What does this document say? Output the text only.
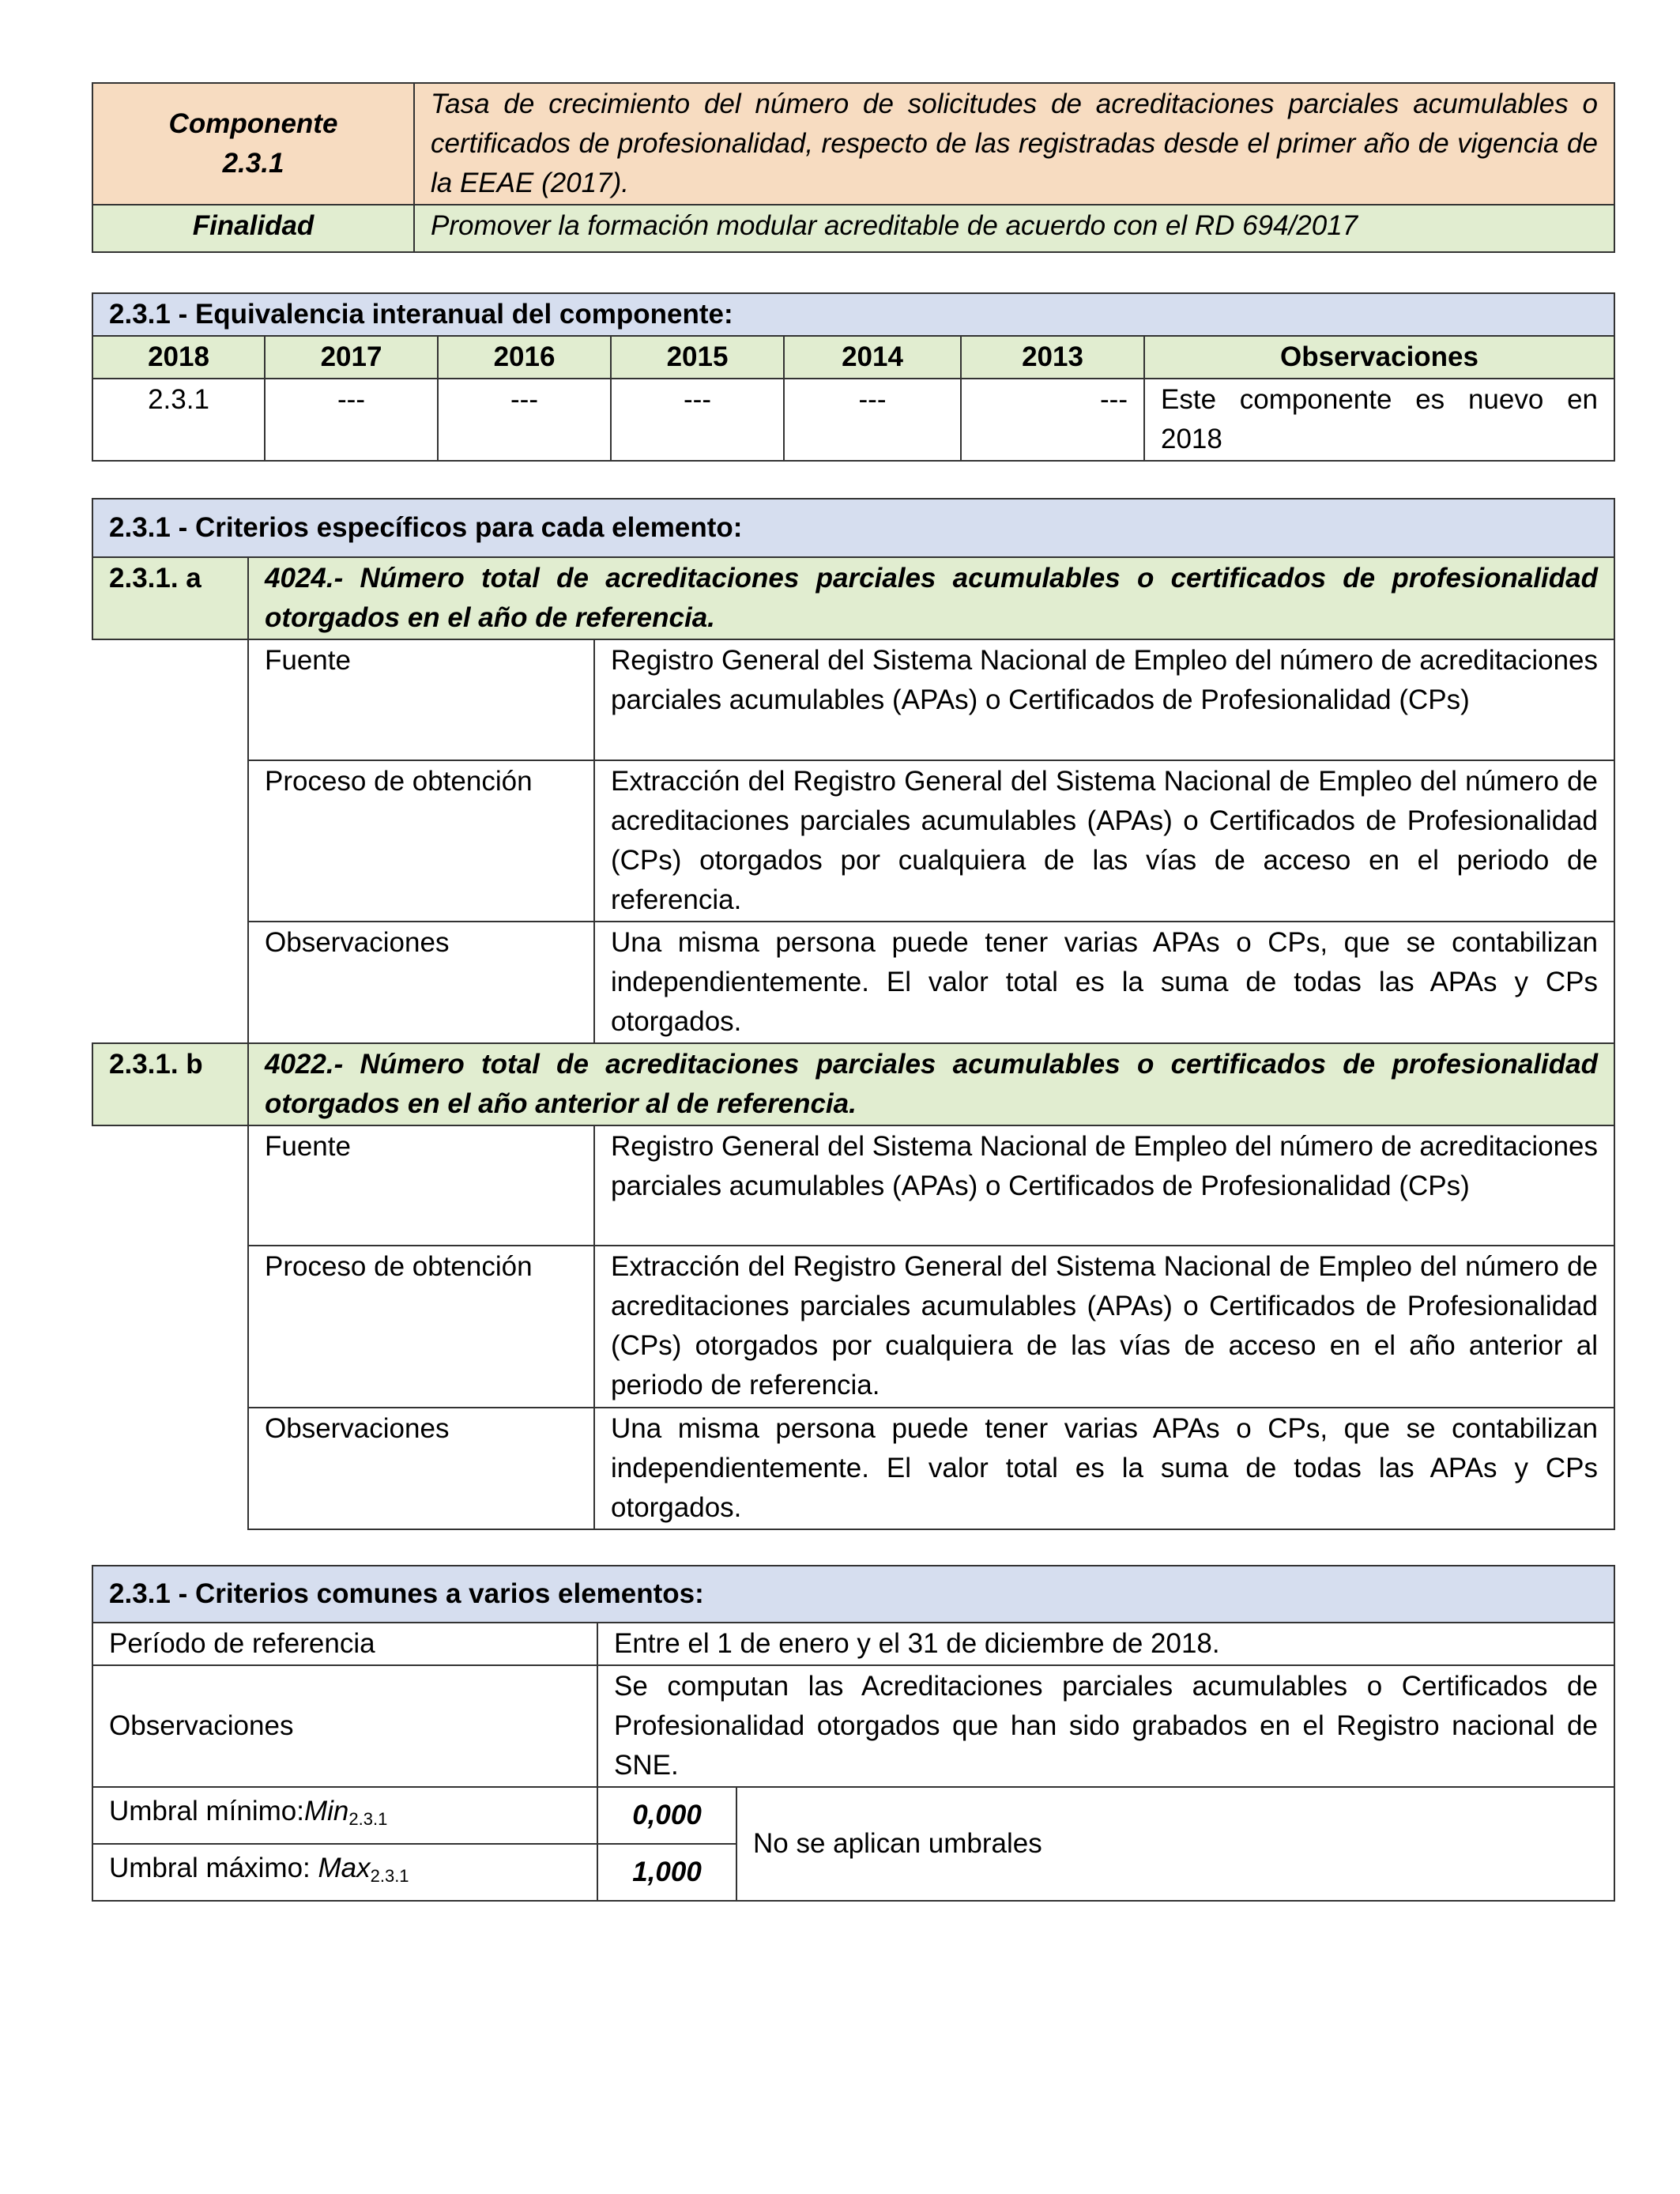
Componente
2.3.1	Tasa de crecimiento del número de solicitudes de acreditaciones parciales acumulables o certificados de profesionalidad, respecto de las registradas desde el primer año de vigencia de la EEAE (2017).
Finalidad	Promover la formación modular acreditable de acuerdo con el RD 694/2017
2.3.1 - Equivalencia interanual del componente:						
2018	2017	2016	2015	2014	2013	Observaciones
2.3.1	---	---	---	---	---	Este componente es nuevo en 2018
2.3.1 - Criterios específicos para cada elemento:		
2.3.1. a	4024.- Número total de acreditaciones parciales acumulables o certificados de profesionalidad otorgados en el año de referencia.	
	Fuente	Registro General del Sistema Nacional de Empleo del número de acreditaciones parciales acumulables (APAs) o Certificados de Profesionalidad (CPs)
	Proceso de obtención	Extracción del Registro General del Sistema Nacional de Empleo del número de acreditaciones parciales acumulables (APAs) o Certificados de Profesionalidad (CPs) otorgados por cualquiera de las vías de acceso en el periodo de referencia.
	Observaciones	Una misma persona puede tener varias APAs o CPs, que se contabilizan independientemente. El valor total es la suma de todas las APAs y CPs otorgados.
2.3.1. b	4022.- Número total de acreditaciones parciales acumulables o certificados de profesionalidad otorgados en el año anterior al de referencia.	
	Fuente	Registro General del Sistema Nacional de Empleo del número de acreditaciones parciales acumulables (APAs) o Certificados de Profesionalidad (CPs)
	Proceso de obtención	Extracción del Registro General del Sistema Nacional de Empleo del número de acreditaciones parciales acumulables (APAs) o Certificados de Profesionalidad (CPs) otorgados por cualquiera de las vías de acceso en el año anterior al periodo de referencia.
	Observaciones	Una misma persona puede tener varias APAs o CPs, que se contabilizan independientemente. El valor total es la suma de todas las APAs y CPs otorgados.
2.3.1 - Criterios comunes a varios elementos:		
Período de referencia	Entre el 1 de enero y el 31 de diciembre de 2018.	
Observaciones	Se computan las Acreditaciones parciales acumulables o Certificados de Profesionalidad otorgados que han sido grabados en el Registro nacional de SNE.	
Umbral mínimo:Min$_{2.3.1}$	0,000	No se aplican umbrales
Umbral máximo: Max$_{2.3.1}$	1,000	
